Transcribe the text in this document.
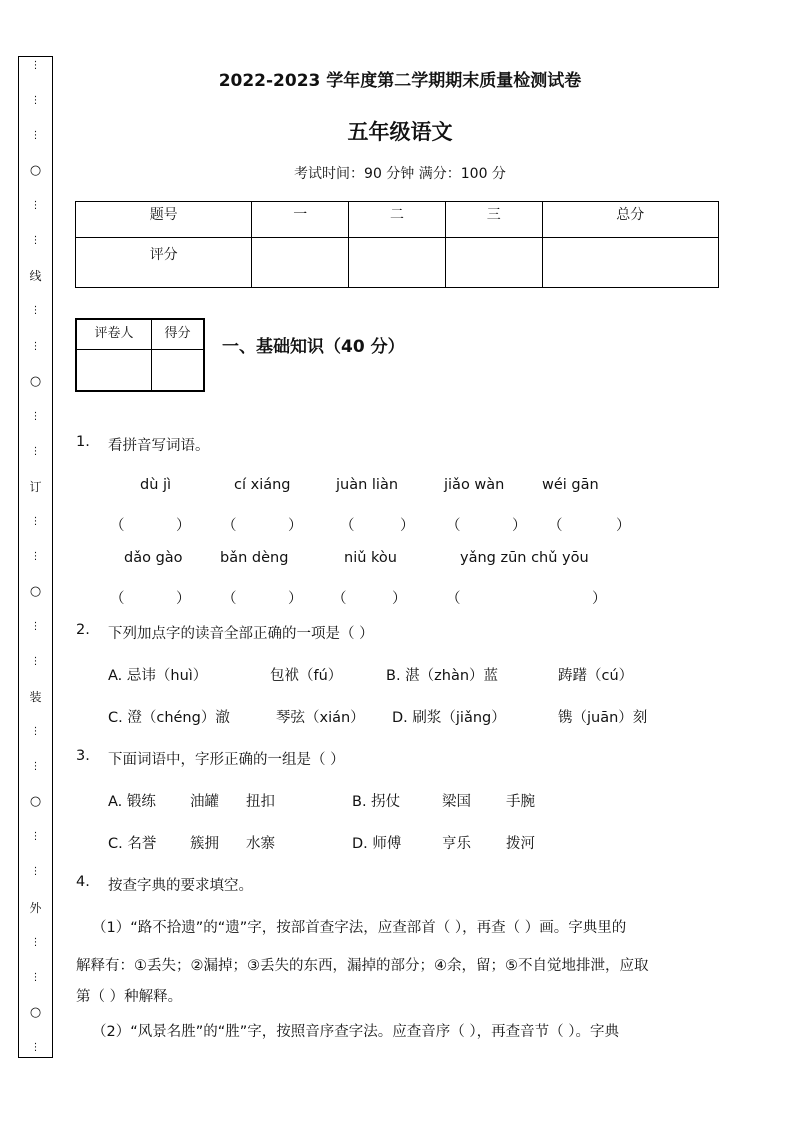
⋮
⋮
⋮
○
⋮
⋮
线
⋮
⋮
○
⋮
⋮
订
⋮
⋮
○
⋮
⋮
装
⋮
⋮
○
⋮
⋮
外
⋮
⋮
○
⋮
2022-2023 学年度第二学期期末质量检测试卷
五年级语文
考试时间：90 分钟 满分：100 分
题号	一	二	三	总分
评分				
评卷人	得分

一、基础知识（40 分）
1. 看拼音写词语。
dù jì	cí xiáng	juàn liàn	jiǎo wàn	wéi gān
（	） （	）	（	） （	） （	）
dǎo gào	bǎn dèng	niǔ kòu	yǎng zūn chǔ yōu
（	） （	） （	）	（	）
2. 下列加点字的读音全部正确的一项是（ ）
A. 忌讳（huì）	包袱（fú）	B. 湛（zhàn）蓝	踌躇（cú）
C. 澄（chéng）澈	琴弦（xián） D. 刷浆（jiǎng）	镌（juān）刻
3. 下面词语中，字形正确的一组是（ ）
A. 锻练 油罐 扭扣	B. 拐仗	梁国 手腕
C. 名誉 簇拥 水寨	D. 师傅	亨乐 拨河
4. 按查字典的要求填空。
（1）“路不拾遗”的“遗”字，按部首查字法，应查部首（ ），再查（ ）画。字典里的
解释有：①丢失；②漏掉；③丢失的东西，漏掉的部分；④余，留；⑤不自觉地排泄，应取
第（ ）种解释。
（2）“风景名胜”的“胜”字，按照音序查字法。应查音序（ ），再查音节（ ）。字典
